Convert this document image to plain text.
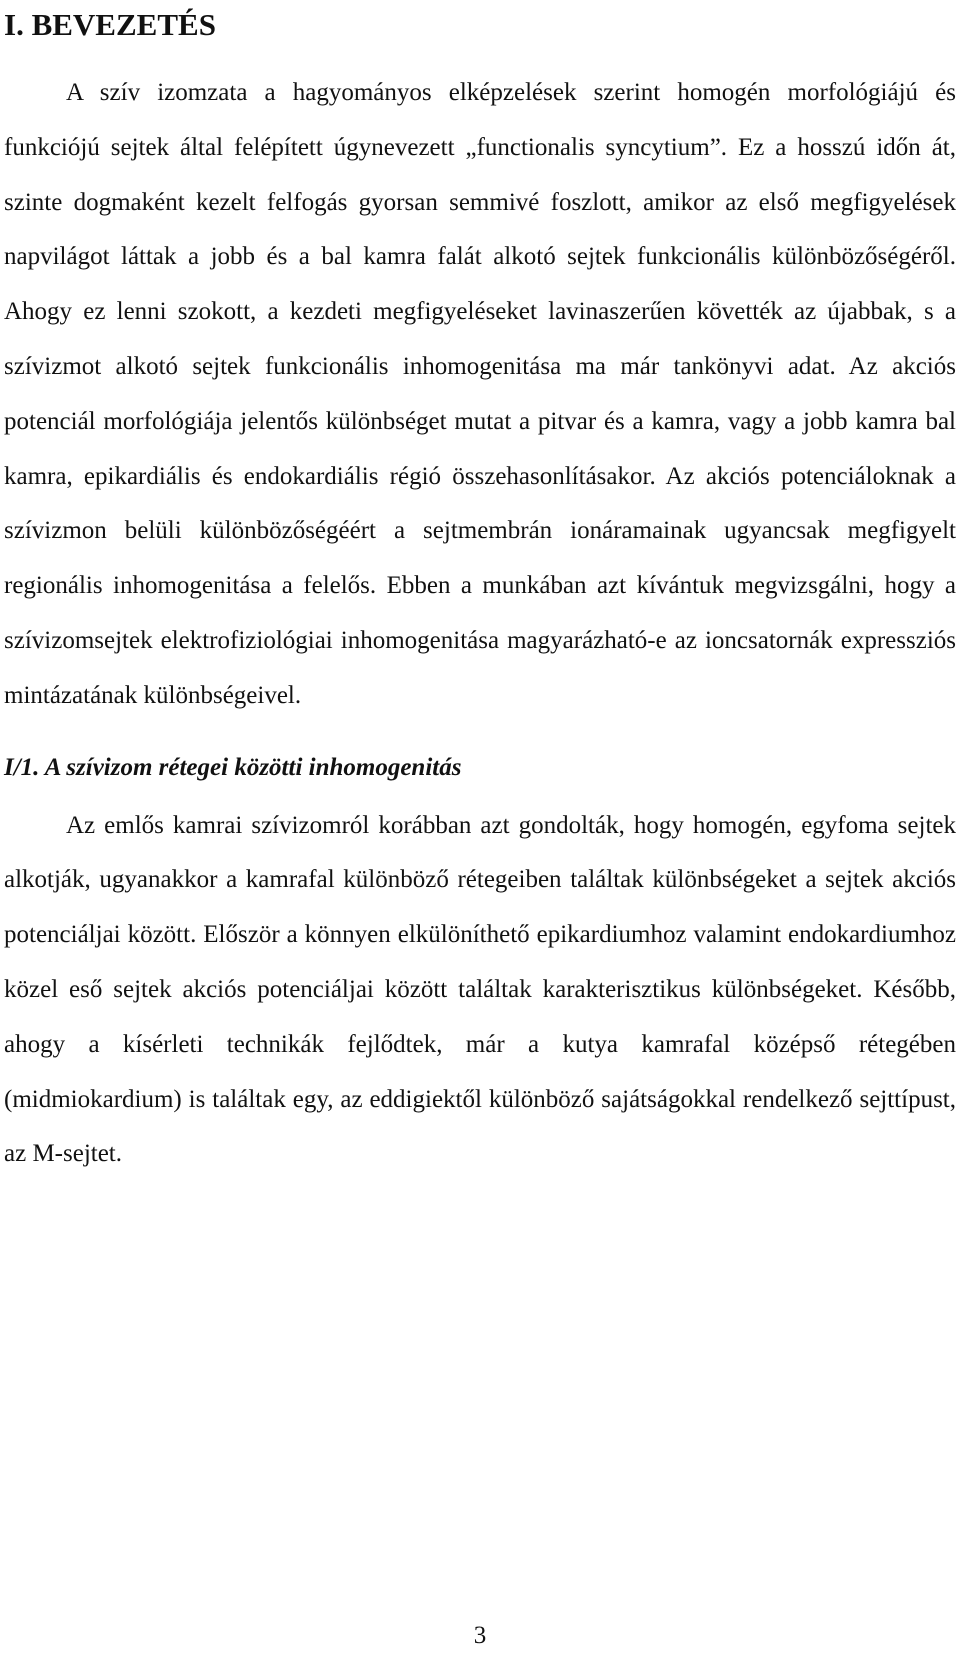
I. BEVEZETÉS

A szív izomzata a hagyományos elképzelések szerint homogén morfológiájú és funkciójú sejtek által felépített úgynevezett „functionalis syncytium”. Ez a hosszú időn át, szinte dogmaként kezelt felfogás gyorsan semmivé foszlott, amikor az első megfigyelések napvilágot láttak a jobb és a bal kamra falát alkotó sejtek funkcionális különbözőségéről. Ahogy ez lenni szokott, a kezdeti megfigyeléseket lavinaszerűen követték az újabbak, s a szívizmot alkotó sejtek funkcionális inhomogenitása ma már tankönyvi adat. Az akciós potenciál morfológiája jelentős különbséget mutat a pitvar és a kamra, vagy a jobb kamra bal kamra, epikardiális és endokardiális régió összehasonlításakor. Az akciós potenciáloknak a szívizmon belüli különbözőségéért a sejtmembrán ionáramainak ugyancsak megfigyelt regionális inhomogenitása a felelős. Ebben a munkában azt kívántuk megvizsgálni, hogy a szívizomsejtek elektrofiziológiai inhomogenitása magyarázható-e az ioncsatornák expressziós mintázatának különbségeivel.

I/1. A szívizom rétegei közötti inhomogenitás

Az emlős kamrai szívizomról korábban azt gondolták, hogy homogén, egyfoma sejtek alkotják, ugyanakkor a kamrafal különböző rétegeiben találtak különbségeket a sejtek akciós potenciáljai között. Először a könnyen elkülöníthető epikardiumhoz valamint endokardiumhoz közel eső sejtek akciós potenciáljai között találtak karakterisztikus különbségeket. Később, ahogy a kísérleti technikák fejlődtek, már a kutya kamrafal középső rétegében (midmiokardium) is találtak egy, az eddigiektől különböző sajátságokkal rendelkező sejttípust, az M-sejtet.

3
